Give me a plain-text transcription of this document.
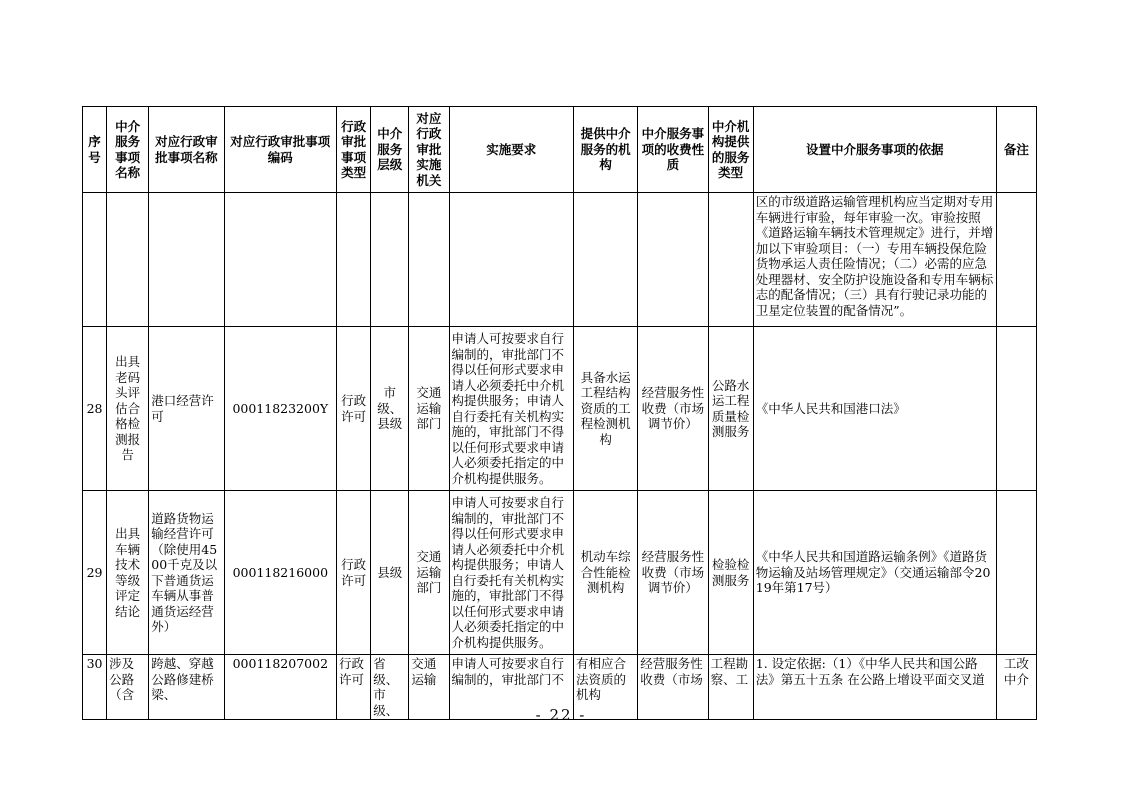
序号	中介服务事项名称	对应行政审批事项名称	对应行政审批事项编码	行政审批事项类型	中介服务层级	对应行政审批实施机关	实施要求	提供中介服务的机构	中介服务事项的收费性质	中介机构提供的服务类型	设置中介服务事项的依据	备注
											区的市级道路运输管理机构应当定期对专用车辆进行审验，每年审验一次。审验按照《道路运输车辆技术管理规定》进行，并增加以下审验项目：（一）专用车辆投保危险货物承运人责任险情况；（二）必需的应急处理器材、安全防护设施设备和专用车辆标志的配备情况；（三）具有行驶记录功能的卫星定位装置的配备情况”。	
28	出具老码头评估合格检测报告	港口经营许可	00011823200Y	行政许可	市级、县级	交通运输部门	申请人可按要求自行编制的，审批部门不得以任何形式要求申请人必须委托中介机构提供服务；申请人自行委托有关机构实施的，审批部门不得以任何形式要求申请人必须委托指定的中介机构提供服务。	具备水运工程结构资质的工程检测机构	经营服务性收费（市场调节价）	公路水运工程质量检测服务	《中华人民共和国港口法》	
29	出具车辆技术等级评定结论	道路货物运输经营许可（除使用4500千克及以下普通货运车辆从事普通货运经营外）	000118216000	行政许可	县级	交通运输部门	申请人可按要求自行编制的，审批部门不得以任何形式要求申请人必须委托中介机构提供服务；申请人自行委托有关机构实施的，审批部门不得以任何形式要求申请人必须委托指定的中介机构提供服务。	机动车综合性能检测机构	经营服务性收费（市场调节价）	检验检测服务	《中华人民共和国道路运输条例》《道路货物运输及站场管理规定》（交通运输部令2019年第17号）	
30	涉及公路（含	跨越、穿越公路修建桥梁、	000118207002	行政许可	省级、市级、	交通运输	申请人可按要求自行编制的，审批部门不	有相应合法资质的机构	经营服务性收费（市场	工程勘察、工	1. 设定依据:（1）《中华人民共和国公路法》第五十五条 在公路上增设平面交叉道	工改中介
- 22 -
